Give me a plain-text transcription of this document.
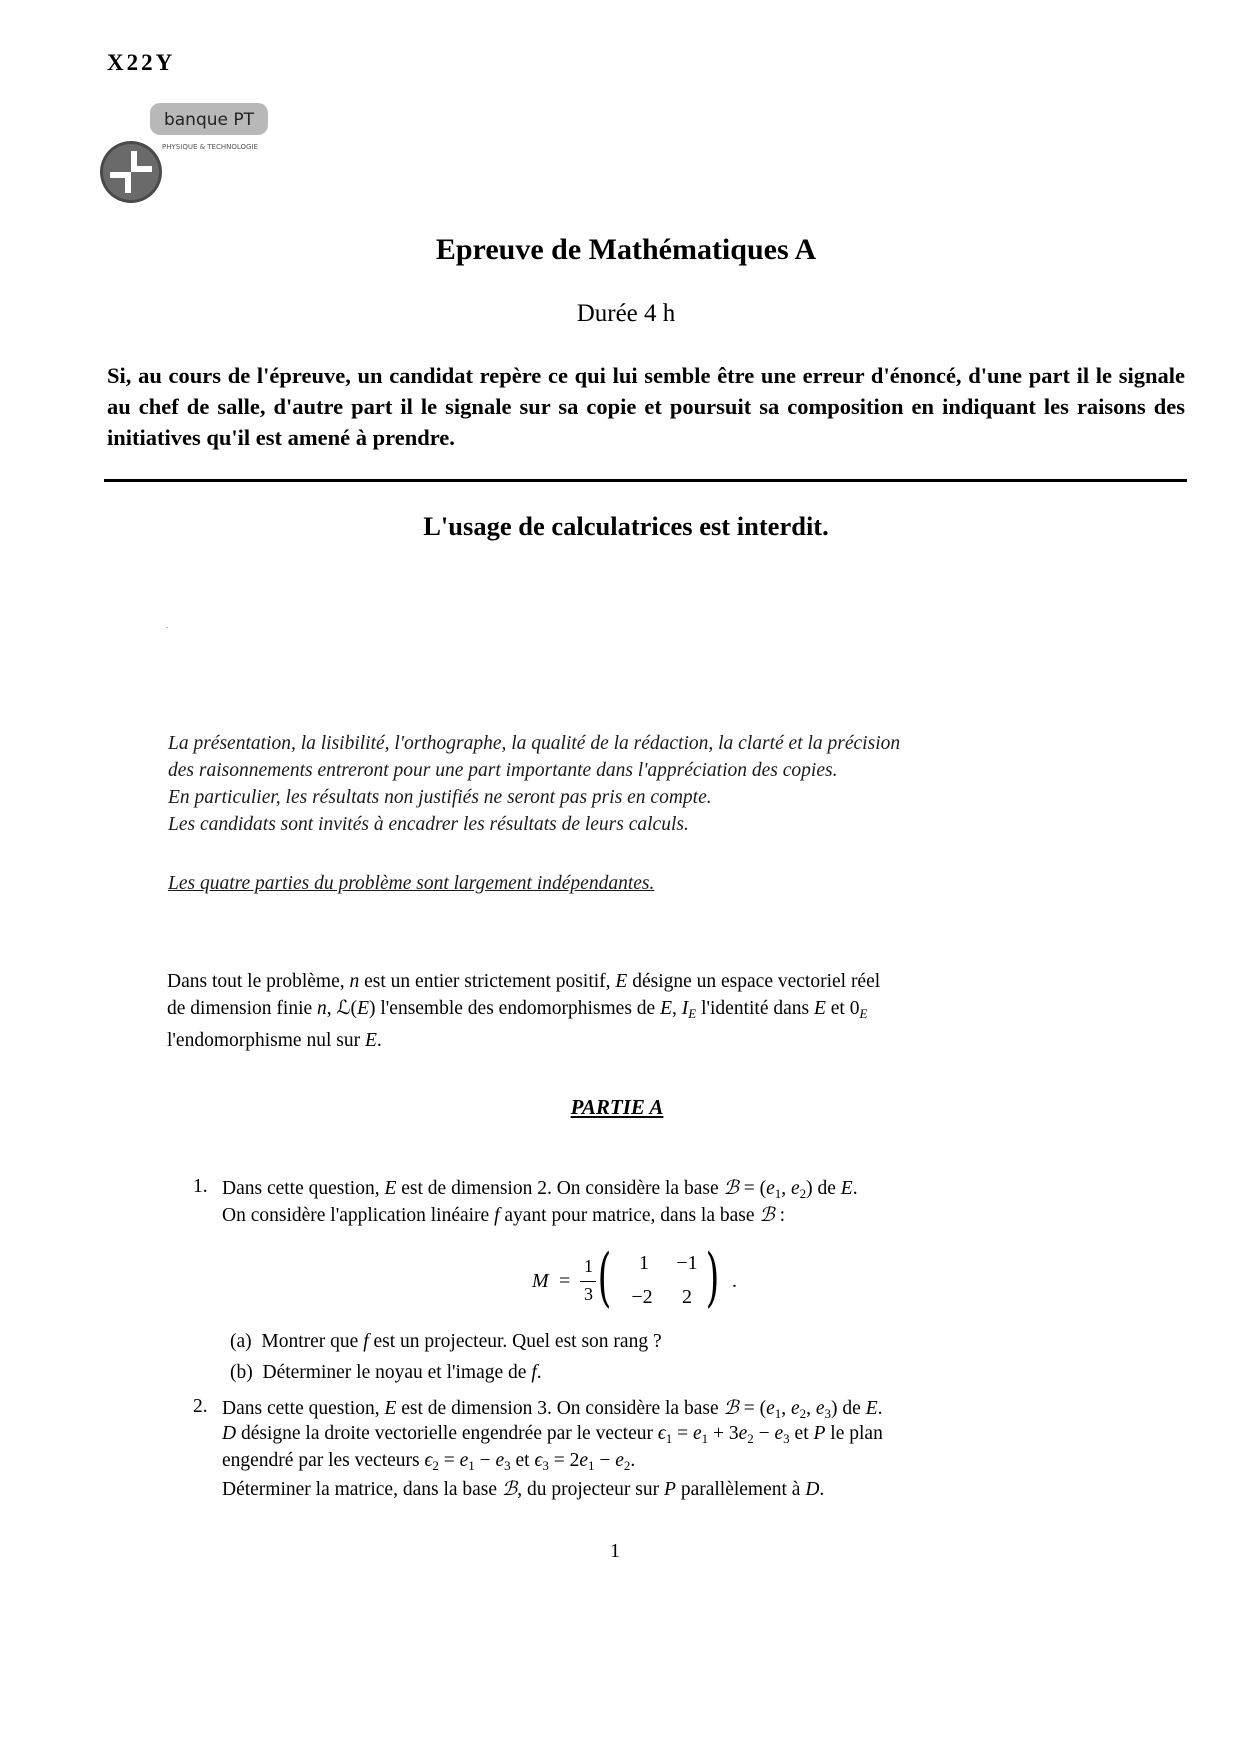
X22Y
banque PT
PHYSIQUE & TECHNOLOGIE
Epreuve de Mathématiques A
Durée 4 h
Si, au cours de l'épreuve, un candidat repère ce qui lui semble être une erreur d'énoncé, d'une part il le signale au chef de salle, d'autre part il le signale sur sa copie et poursuit sa composition en indiquant les raisons des initiatives qu'il est amené à prendre.
L'usage de calculatrices est interdit.

La présentation, la lisibilité, l'orthographe, la qualité de la rédaction, la clarté et la précision

des raisonnements entreront pour une part importante dans l'appréciation des copies.

En particulier, les résultats non justifiés ne seront pas pris en compte.

Les candidats sont invités à encadrer les résultats de leurs calculs.

Les quatre parties du problème sont largement indépendantes.

Dans tout le problème, n est un entier strictement positif, E désigne un espace vectoriel réel

de dimension finie n, ℒ(E) l'ensemble des endomorphismes de E, $I_E$ l'identité dans E et $0_E$

l'endomorphisme nul sur E.

PARTIE A
1. Dans cette question, E est de dimension 2. On considère la base ℬ = ($e_1$, $e_2$) de E.
On considère l'application linéaire f ayant pour matrice, dans la base ℬ :
M =
1
3 (	1	−1
−2	2 ) .
(a) Montrer que f est un projecteur. Quel est son rang ?
(b) Déterminer le noyau et l'image de f.
2. Dans cette question, E est de dimension 3. On considère la base ℬ = ($e_1$, $e_2$, $e_3$) de E.
D désigne la droite vectorielle engendrée par le vecteur $\epsilon_1 = e_1 + 3e_2 - e_3$ et P le plan
engendré par les vecteurs $\epsilon_2 = e_1 - e_3$ et $\epsilon_3 = 2e_1 - e_2$.
Déterminer la matrice, dans la base ℬ, du projecteur sur P parallèlement à D.
1
